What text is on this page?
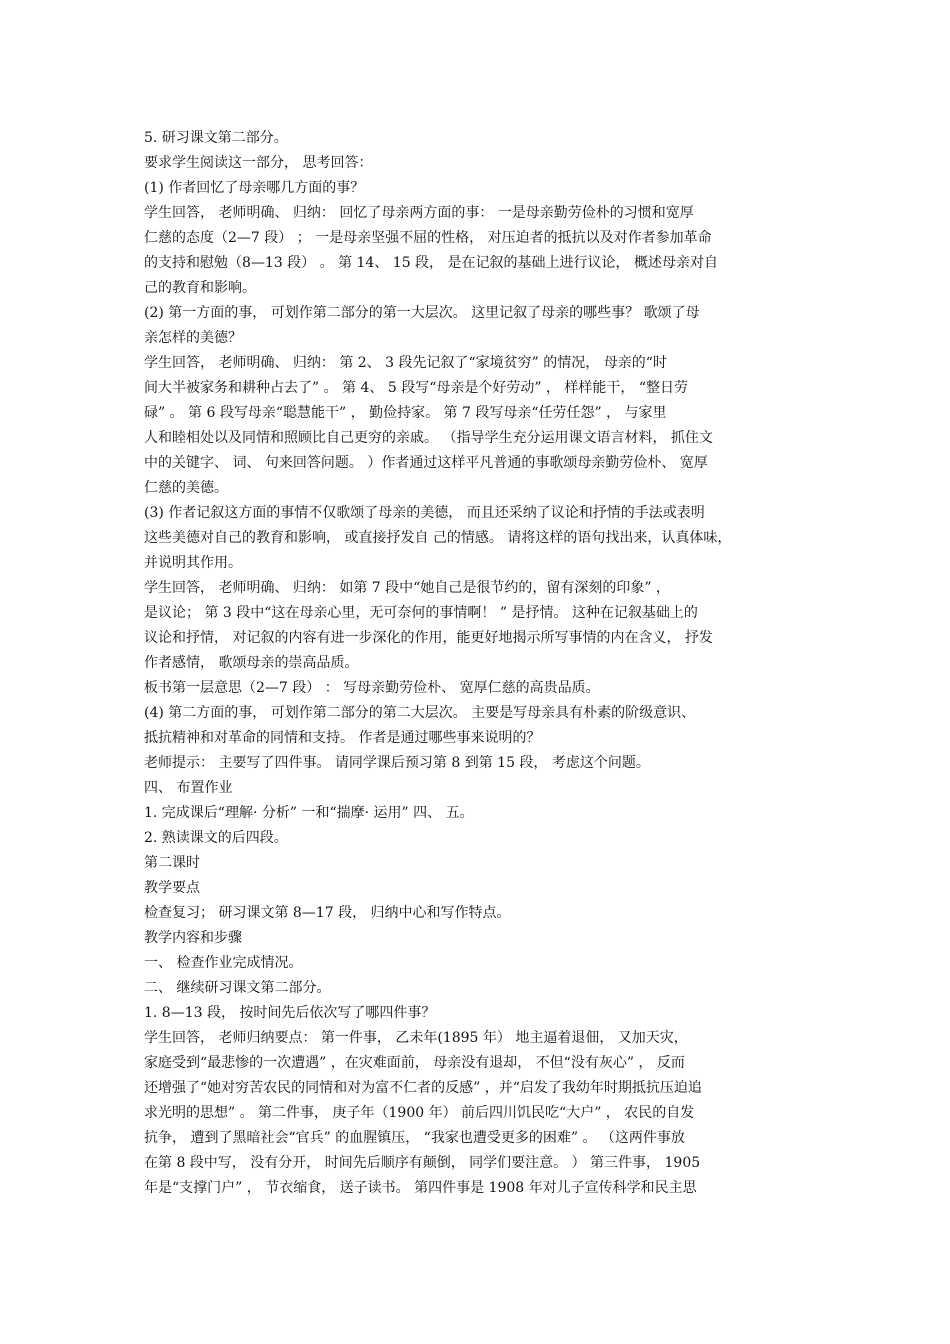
5. 研习课文第二部分。
要求学生阅读这一部分， 思考回答：
(1) 作者回忆了母亲哪几方面的事？
学生回答， 老师明确、 归纳： 回忆了母亲两方面的事： 一是母亲勤劳俭朴的习惯和宽厚
仁慈的态度（2—7 段） ； 一是母亲坚强不屈的性格， 对压迫者的抵抗以及对作者参加革命
的支持和慰勉（8—13 段） 。 第 14、 15 段， 是在记叙的基础上进行议论， 概述母亲对自
己的教育和影响。
(2) 第一方面的事， 可划作第二部分的第一大层次。 这里记叙了母亲的哪些事？ 歌颂了母
亲怎样的美德？
学生回答， 老师明确、 归纳： 第 2、 3 段先记叙了“家境贫穷” 的情况， 母亲的“时
间大半被家务和耕种占去了” 。 第 4、 5 段写“母亲是个好劳动” ， 样样能干， “整日劳
碌” 。 第 6 段写母亲“聪慧能干” ， 勤俭持家。 第 7 段写母亲“任劳任怨” ， 与家里
人和睦相处以及同情和照顾比自己更穷的亲戚。 （指导学生充分运用课文语言材料， 抓住文
中的关键字、 词、 句来回答问题。 ）作者通过这样平凡普通的事歌颂母亲勤劳俭朴、 宽厚
仁慈的美德。
(3) 作者记叙这方面的事情不仅歌颂了母亲的美德， 而且还采纳了议论和抒情的手法或表明
这些美德对自己的教育和影响， 或直接抒发自 己的情感。 请将这样的语句找出来，认真体味，
并说明其作用。
学生回答， 老师明确、 归纳： 如第 7 段中“她自己是很节约的，留有深刻的印象” ，
是议论； 第 3 段中“这在母亲心里，无可奈何的事情啊！ ” 是抒情。 这种在记叙基础上的
议论和抒情， 对记叙的内容有进一步深化的作用，能更好地揭示所写事情的内在含义， 抒发
作者感情， 歌颂母亲的崇高品质。
板书第一层意思（2—7 段） ： 写母亲勤劳俭朴、 宽厚仁慈的高贵品质。
(4) 第二方面的事， 可划作第二部分的第二大层次。 主要是写母亲具有朴素的阶级意识、
抵抗精神和对革命的同情和支持。 作者是通过哪些事来说明的？
老师提示： 主要写了四件事。 请同学课后预习第 8 到第 15 段， 考虑这个问题。
四、 布置作业
1. 完成课后“理解· 分析” 一和“揣摩· 运用” 四、 五。
2. 熟读课文的后四段。
第二课时
教学要点
检查复习； 研习课文第 8—17 段， 归纳中心和写作特点。
教学内容和步骤
一、 检查作业完成情况。
二、 继续研习课文第二部分。
1. 8—13 段， 按时间先后依次写了哪四件事？
学生回答， 老师归纳要点： 第一件事， 乙未年(1895 年） 地主逼着退佃， 又加天灾，
家庭受到“最悲惨的一次遭遇” ，在灾难面前， 母亲没有退却， 不但“没有灰心” ， 反而
还增强了“她对穷苦农民的同情和对为富不仁者的反感” ，并“启发了我幼年时期抵抗压迫追
求光明的思想” 。 第二件事， 庚子年（1900 年） 前后四川饥民吃“大户” ， 农民的自发
抗争， 遭到了黑暗社会“官兵” 的血腥镇压， “我家也遭受更多的困难” 。 （这两件事放
在第 8 段中写， 没有分开， 时间先后顺序有颠倒， 同学们要注意。 ） 第三件事， 1905
年是“支撑门户” ， 节衣缩食， 送子读书。 第四件事是 1908 年对儿子宣传科学和民主思
